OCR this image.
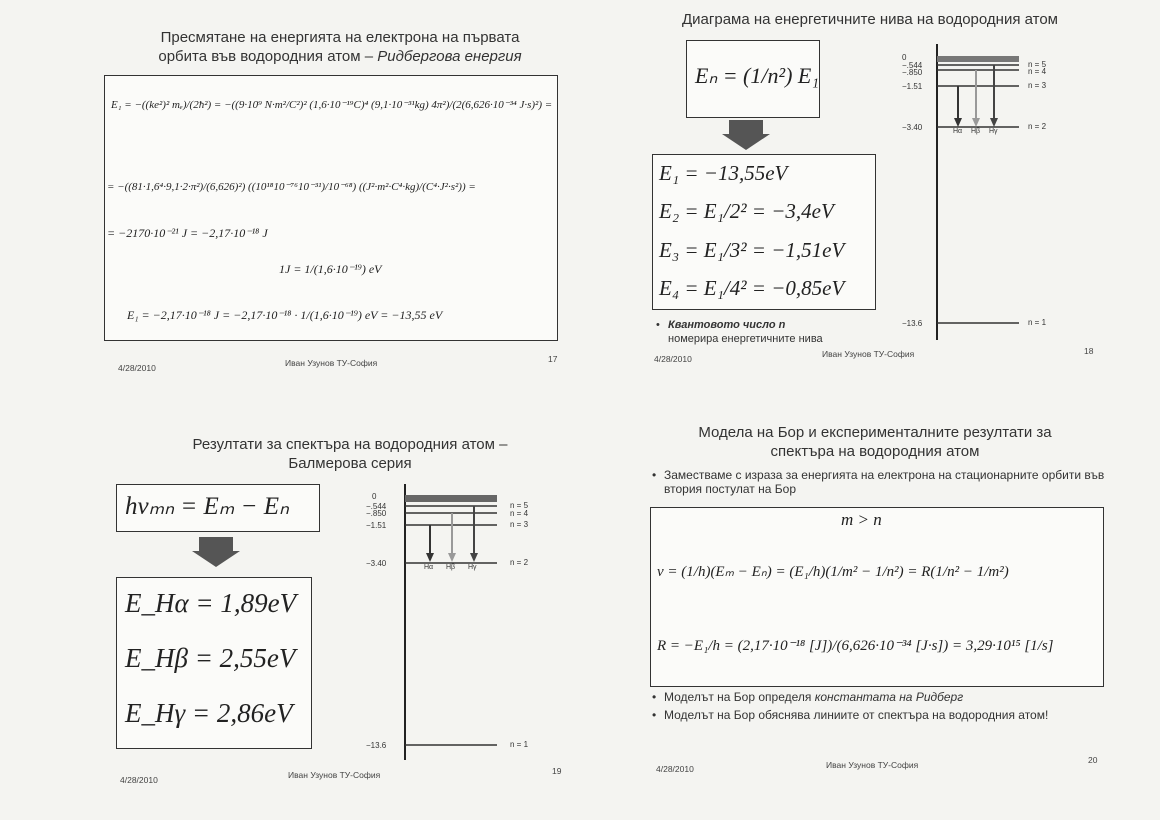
Пресмятане на енергията на електрона на първата
орбита във водородния атом – Ридбергова енергия
E₁ = −((ke²)² mₑ)/(2ħ²) = −((9·10⁹ N·m²/C²)² (1,6·10⁻¹⁹C)⁴ (9,1·10⁻³¹kg) 4π²)/(2(6,626·10⁻³⁴ J·s)²) =
= −((81·1,6⁴·9,1·2·π²)/(6,626)²) ((10¹⁸10⁻⁷⁶10⁻³¹)/10⁻⁶⁸) ((J²·m²·C⁴·kg)/(C⁴·J²·s²)) =
= −2170·10⁻²¹ J = −2,17·10⁻¹⁸ J
1J = 1/(1,6·10⁻¹⁹) eV
E₁ = −2,17·10⁻¹⁸ J = −2,17·10⁻¹⁸ · 1/(1,6·10⁻¹⁹) eV = −13,55 eV
4/28/2010	Иван Узунов ТУ-София	17
Диаграма на енергетичните нива на водородния атом
Eₙ = (1/n²) E₁
E₁ = −13,55eV
E₂ = E₁/2² = −3,4eV
E₃ = E₁/3² = −1,51eV
E₄ = E₁/4² = −0,85eV
• Квантовото число n
номерира енергетичните нива
0
−.544
−.850
−1.51
−3.40
−13.6
n = 5
n = 4
n = 3
n = 2
n = 1
Hα Hβ Hγ
4/28/2010	Иван Узунов ТУ-София	18
Резултати за спектъра на водородния атом –
Балмерова серия
hνₘₙ = Eₘ − Eₙ
E_Hα = 1,89eV
E_Hβ = 2,55eV
E_Hγ = 2,86eV
0
−.544
−.850
−1.51
−3.40
−13.6
n = 5
n = 4
n = 3
n = 2
n = 1
Hα Hβ Hγ
4/28/2010	Иван Узунов ТУ-София	19
Модела на Бор и експерименталните резултати за
спектъра на водородния атом
• Заместваме с израза за енергията на електрона на стационарните орбити във втория постулат на Бор
m > n
ν = (1/h)(Eₘ − Eₙ) = (E₁/h)(1/m² − 1/n²) = R(1/n² − 1/m²)
R = −E₁/h = (2,17·10⁻¹⁸ [J])/(6,626·10⁻³⁴ [J·s]) = 3,29·10¹⁵ [1/s]
• Моделът на Бор определя константата на Ридберг
• Моделът на Бор обяснява линиите от спектъра на водородния атом!
4/28/2010	Иван Узунов ТУ-София	20
